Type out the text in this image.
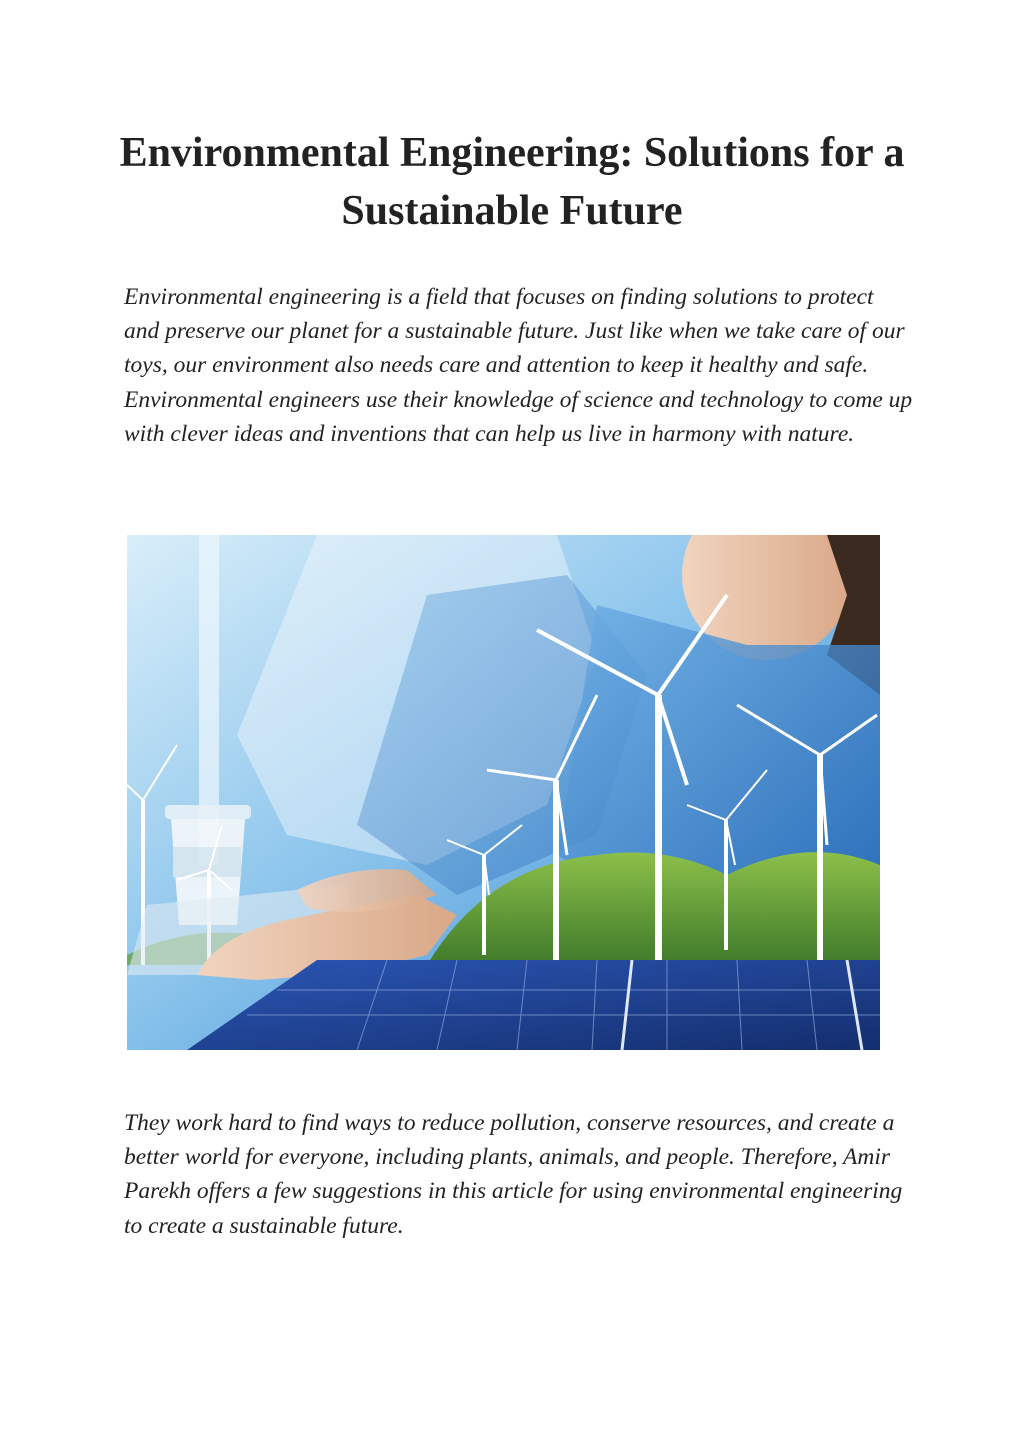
Environmental Engineering: Solutions for a Sustainable Future

Environmental engineering is a field that focuses on finding solutions to protect and preserve our planet for a sustainable future. Just like when we take care of our toys, our environment also needs care and attention to keep it healthy and safe. Environmental engineers use their knowledge of science and technology to come up with clever ideas and inventions that can help us live in harmony with nature.

They work hard to find ways to reduce pollution, conserve resources, and create a better world for everyone, including plants, animals, and people. Therefore, Amir Parekh offers a few suggestions in this article for using environmental engineering to create a sustainable future.
